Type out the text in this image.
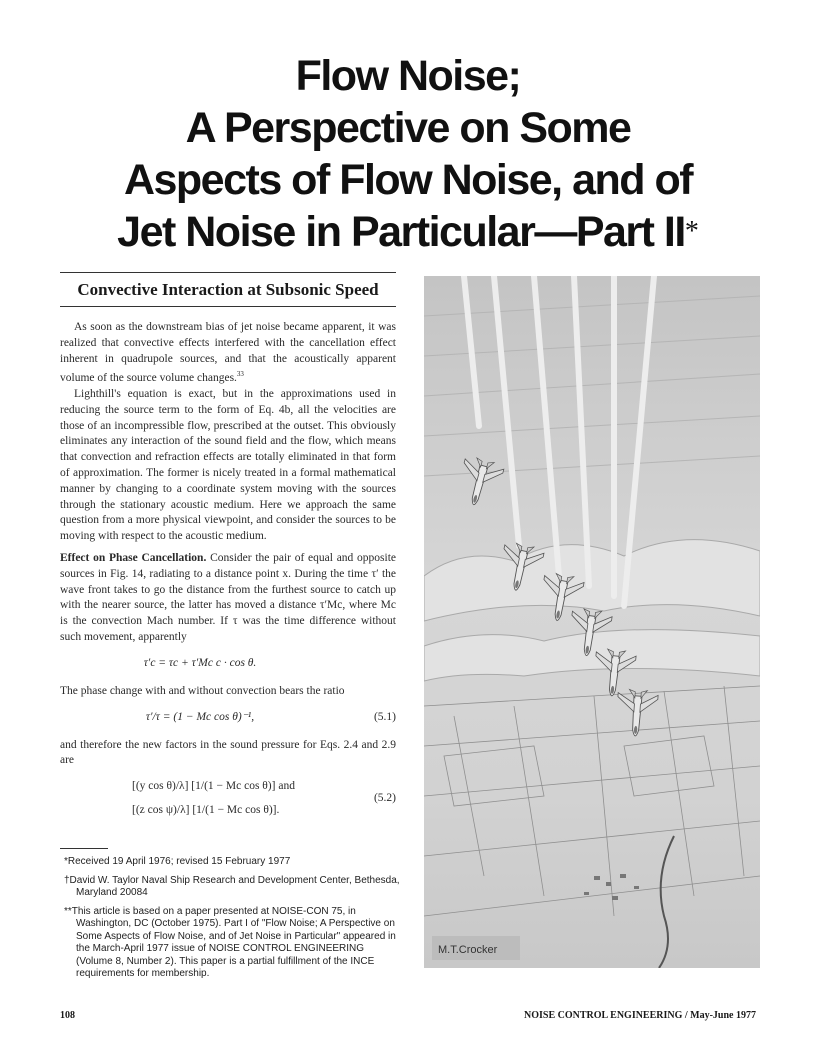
Flow Noise;
A Perspective on Some
Aspects of Flow Noise, and of
Jet Noise in Particular—Part II*
Convective Interaction at Subsonic Speed

As soon as the downstream bias of jet noise became apparent, it was realized that convective effects interfered with the cancellation effect inherent in quadrupole sources, and that the acoustically apparent volume of the source volume changes.$^{33}$

Lighthill's equation is exact, but in the approximations used in reducing the source term to the form of Eq. 4b, all the velocities are those of an incompressible flow, prescribed at the outset. This obviously eliminates any interaction of the sound field and the flow, which means that convection and refraction effects are totally eliminated in that form of approximation. The former is nicely treated in a formal mathematical manner by changing to a coordinate system moving with the sources through the stationary acoustic medium. Here we approach the same question from a more physical viewpoint, and consider the sources to be moving with respect to the acoustic medium.

Effect on Phase Cancellation. Consider the pair of equal and opposite sources in Fig. 14, radiating to a distance point x. During the time τ′ the wave front takes to go the distance from the furthest source to catch up with the nearer source, the latter has moved a distance τ′Mc, where Mc is the convection Mach number. If τ was the time difference without such movement, apparently

τ′c = τc + τ′Mc c · cos θ.

The phase change with and without convection bears the ratio

τ′/τ = (1 − Mc cos θ)⁻¹,	(5.1)

and therefore the new factors in the sound pressure for Eqs. 2.4 and 2.9 are

[(y cos θ)/λ] [1/(1 − Mc cos θ)] and
[(z cos ψ)/λ] [1/(1 − Mc cos θ)].
(5.2)

*Received 19 April 1976; revised 15 February 1977

†David W. Taylor Naval Ship Research and Development Center, Bethesda, Maryland 20084

**This article is based on a paper presented at NOISE-CON 75, in Washington, DC (October 1975). Part I of "Flow Noise; A Perspective on Some Aspects of Flow Noise, and of Jet Noise in Particular" appeared in the March-April 1977 issue of NOISE CONTROL ENGINEERING (Volume 8, Number 2). This paper is a partial fulfillment of the INCE requirements for membership.

M.T.Crocker
108	NOISE CONTROL ENGINEERING / May-June 1977
